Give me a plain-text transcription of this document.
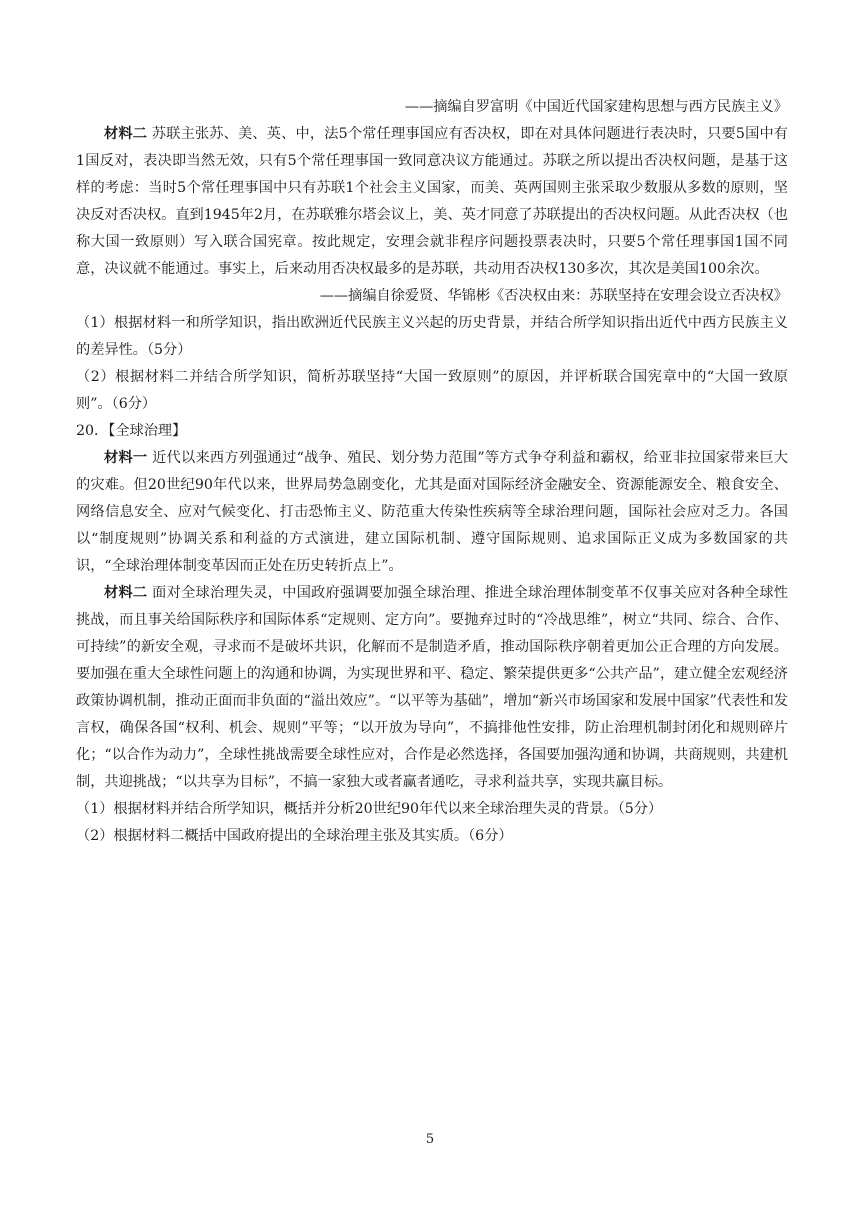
——摘编自罗富明《中国近代国家建构思想与西方民族主义》

材料二 苏联主张苏、美、英、中，法5个常任理事国应有否决权，即在对具体问题进行表决时，只要5国中有1国反对，表决即当然无效，只有5个常任理事国一致同意决议方能通过。苏联之所以提出否决权问题，是基于这样的考虑：当时5个常任理事国中只有苏联1个社会主义国家，而美、英两国则主张采取少数服从多数的原则，坚决反对否决权。直到1945年2月，在苏联雅尔塔会议上，美、英才同意了苏联提出的否决权问题。从此否决权（也称大国一致原则）写入联合国宪章。按此规定，安理会就非程序问题投票表决时，只要5个常任理事国1国不同意，决议就不能通过。事实上，后来动用否决权最多的是苏联，共动用否决权130多次，其次是美国100余次。

——摘编自徐爱贤、华锦彬《否决权由来：苏联坚持在安理会设立否决权》

（1）根据材料一和所学知识，指出欧洲近代民族主义兴起的历史背景，并结合所学知识指出近代中西方民族主义的差异性。（5分）

（2）根据材料二并结合所学知识，简析苏联坚持“大国一致原则”的原因，并评析联合国宪章中的“大国一致原则”。（6分）

20．【全球治理】

材料一 近代以来西方列强通过“战争、殖民、划分势力范围”等方式争夺利益和霸权，给亚非拉国家带来巨大的灾难。但20世纪90年代以来，世界局势急剧变化，尤其是面对国际经济金融安全、资源能源安全、粮食安全、网络信息安全、应对气候变化、打击恐怖主义、防范重大传染性疾病等全球治理问题，国际社会应对乏力。各国以“制度规则”协调关系和利益的方式演进，建立国际机制、遵守国际规则、追求国际正义成为多数国家的共识，“全球治理体制变革因而正处在历史转折点上”。

材料二 面对全球治理失灵，中国政府强调要加强全球治理、推进全球治理体制变革不仅事关应对各种全球性挑战，而且事关给国际秩序和国际体系“定规则、定方向”。要抛弃过时的“冷战思维”，树立“共同、综合、合作、可持续”的新安全观，寻求而不是破坏共识，化解而不是制造矛盾，推动国际秩序朝着更加公正合理的方向发展。要加强在重大全球性问题上的沟通和协调，为实现世界和平、稳定、繁荣提供更多“公共产品”，建立健全宏观经济政策协调机制，推动正面而非负面的“溢出效应”。“以平等为基础”，增加“新兴市场国家和发展中国家”代表性和发言权，确保各国“权利、机会、规则”平等；“以开放为导向”，不搞排他性安排，防止治理机制封闭化和规则碎片化；“以合作为动力”，全球性挑战需要全球性应对，合作是必然选择，各国要加强沟通和协调，共商规则，共建机制，共迎挑战；“以共享为目标”，不搞一家独大或者赢者通吃，寻求利益共享，实现共赢目标。

（1）根据材料并结合所学知识，概括并分析20世纪90年代以来全球治理失灵的背景。（5分）

（2）根据材料二概括中国政府提出的全球治理主张及其实质。（6分）

5
